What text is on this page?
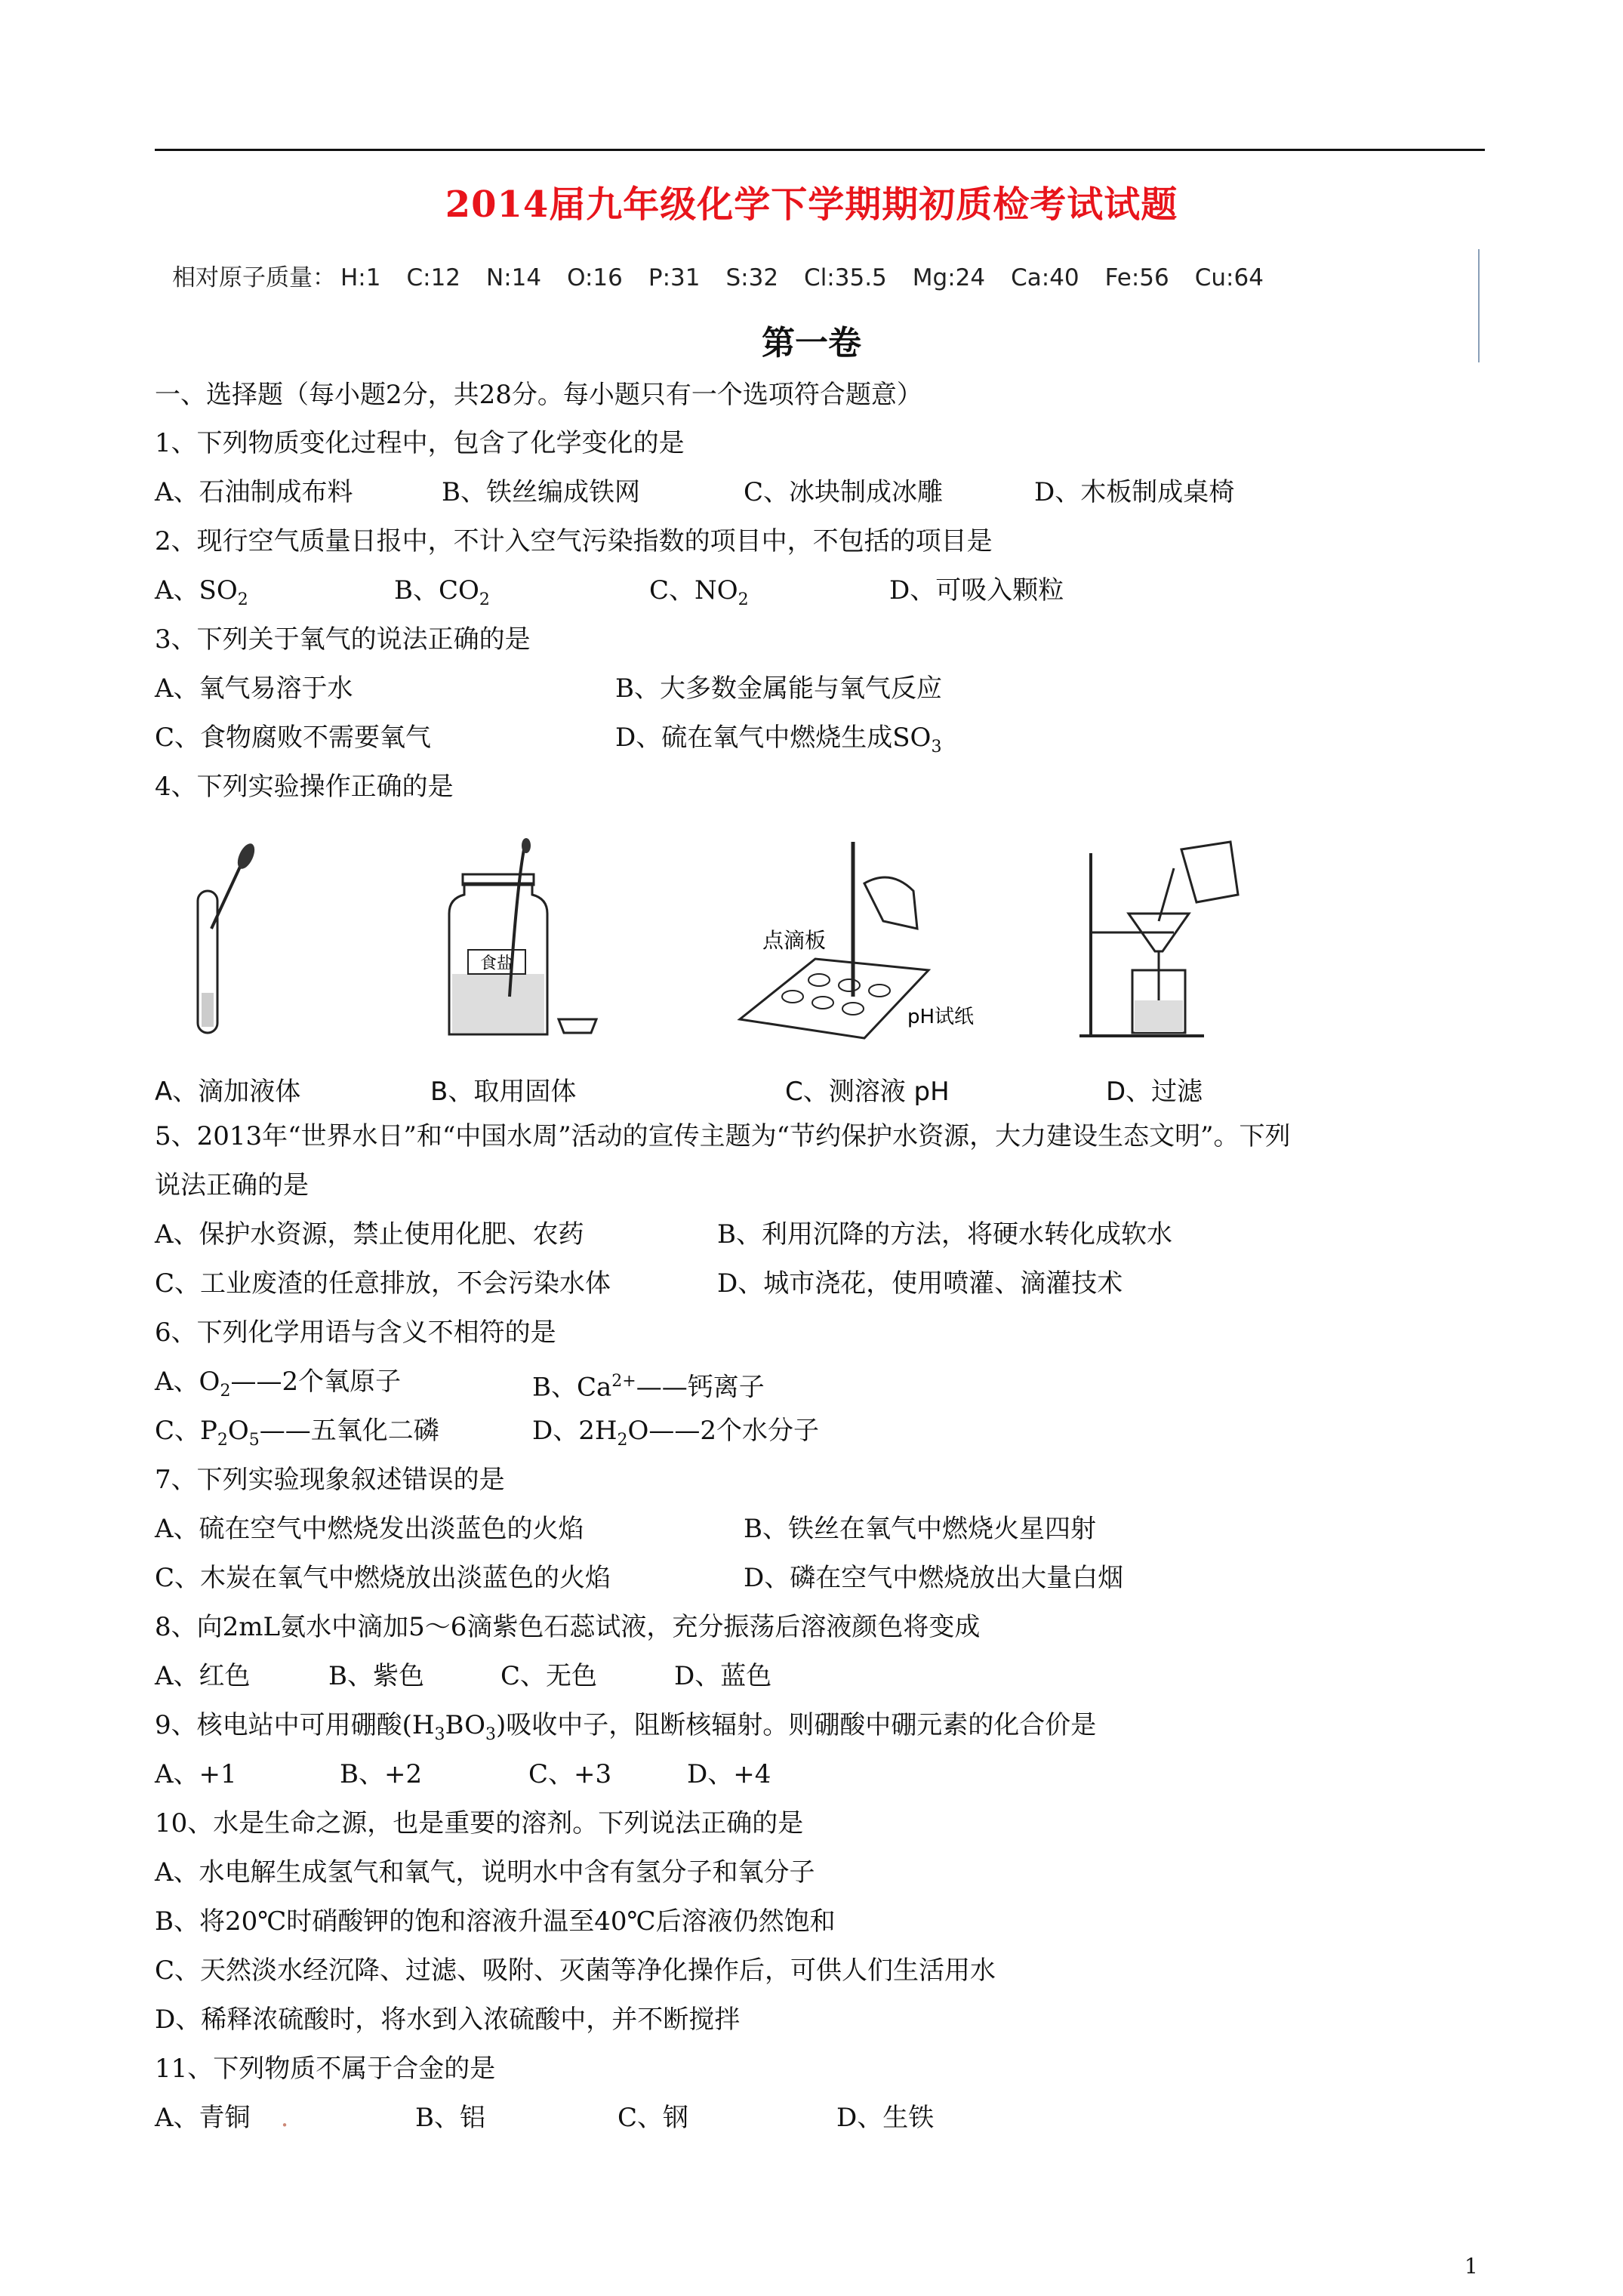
2014届九年级化学下学期期初质检考试试题
相对原子质量： H:1 C:12 N:14 O:16 P:31 S:32 Cl:35.5 Mg:24 Ca:40 Fe:56 Cu:64
第一卷
一、选择题（每小题2分，共28分。每小题只有一个选项符合题意）
1、下列物质变化过程中，包含了化学变化的是
A、石油制成布料	B、铁丝编成铁网	C、冰块制成冰雕	D、木板制成桌椅
2、现行空气质量日报中，不计入空气污染指数的项目中，不包括的项目是
A、$SO_2$	B、$CO_2$	C、$NO_2$	D、可吸入颗粒
3、下列关于氧气的说法正确的是
A、氧气易溶于水	B、大多数金属能与氧气反应
C、食物腐败不需要氧气	D、硫在氧气中燃烧生成$SO_3$
4、下列实验操作正确的是
食盐
点滴板
pH试纸
A、滴加液体	B、取用固体	C、测溶液 pH	D、过滤
5、2013年“世界水日”和“中国水周”活动的宣传主题为“节约保护水资源，大力建设生态文明”。下列
说法正确的是
A、保护水资源，禁止使用化肥、农药	B、利用沉降的方法，将硬水转化成软水
C、工业废渣的任意排放，不会污染水体	D、城市浇花，使用喷灌、滴灌技术
6、下列化学用语与含义不相符的是
A、$O_2——2$个氧原子	B、$Ca^{2+}——$钙离子
C、$P_2O_5——$五氧化二磷	D、$2H_2O——2$个水分子
7、下列实验现象叙述错误的是
A、硫在空气中燃烧发出淡蓝色的火焰	B、铁丝在氧气中燃烧火星四射
C、木炭在氧气中燃烧放出淡蓝色的火焰	D、磷在空气中燃烧放出大量白烟
8、向2mL氨水中滴加5～6滴紫色石蕊试液，充分振荡后溶液颜色将变成
A、红色	B、紫色	C、无色	D、蓝色
9、核电站中可用硼酸$(H_3BO_3)$吸收中子，阻断核辐射。则硼酸中硼元素的化合价是
A、+1	B、+2	C、+3	D、+4
10、水是生命之源，也是重要的溶剂。下列说法正确的是
A、水电解生成氢气和氧气，说明水中含有氢分子和氧分子
B、将20℃时硝酸钾的饱和溶液升温至40℃后溶液仍然饱和
C、天然淡水经沉降、过滤、吸附、灭菌等净化操作后，可供人们生活用水
D、稀释浓硫酸时，将水到入浓硫酸中，并不断搅拌
11、下列物质不属于合金的是
A、青铜 .	B、铝	C、钢	D、生铁
1
